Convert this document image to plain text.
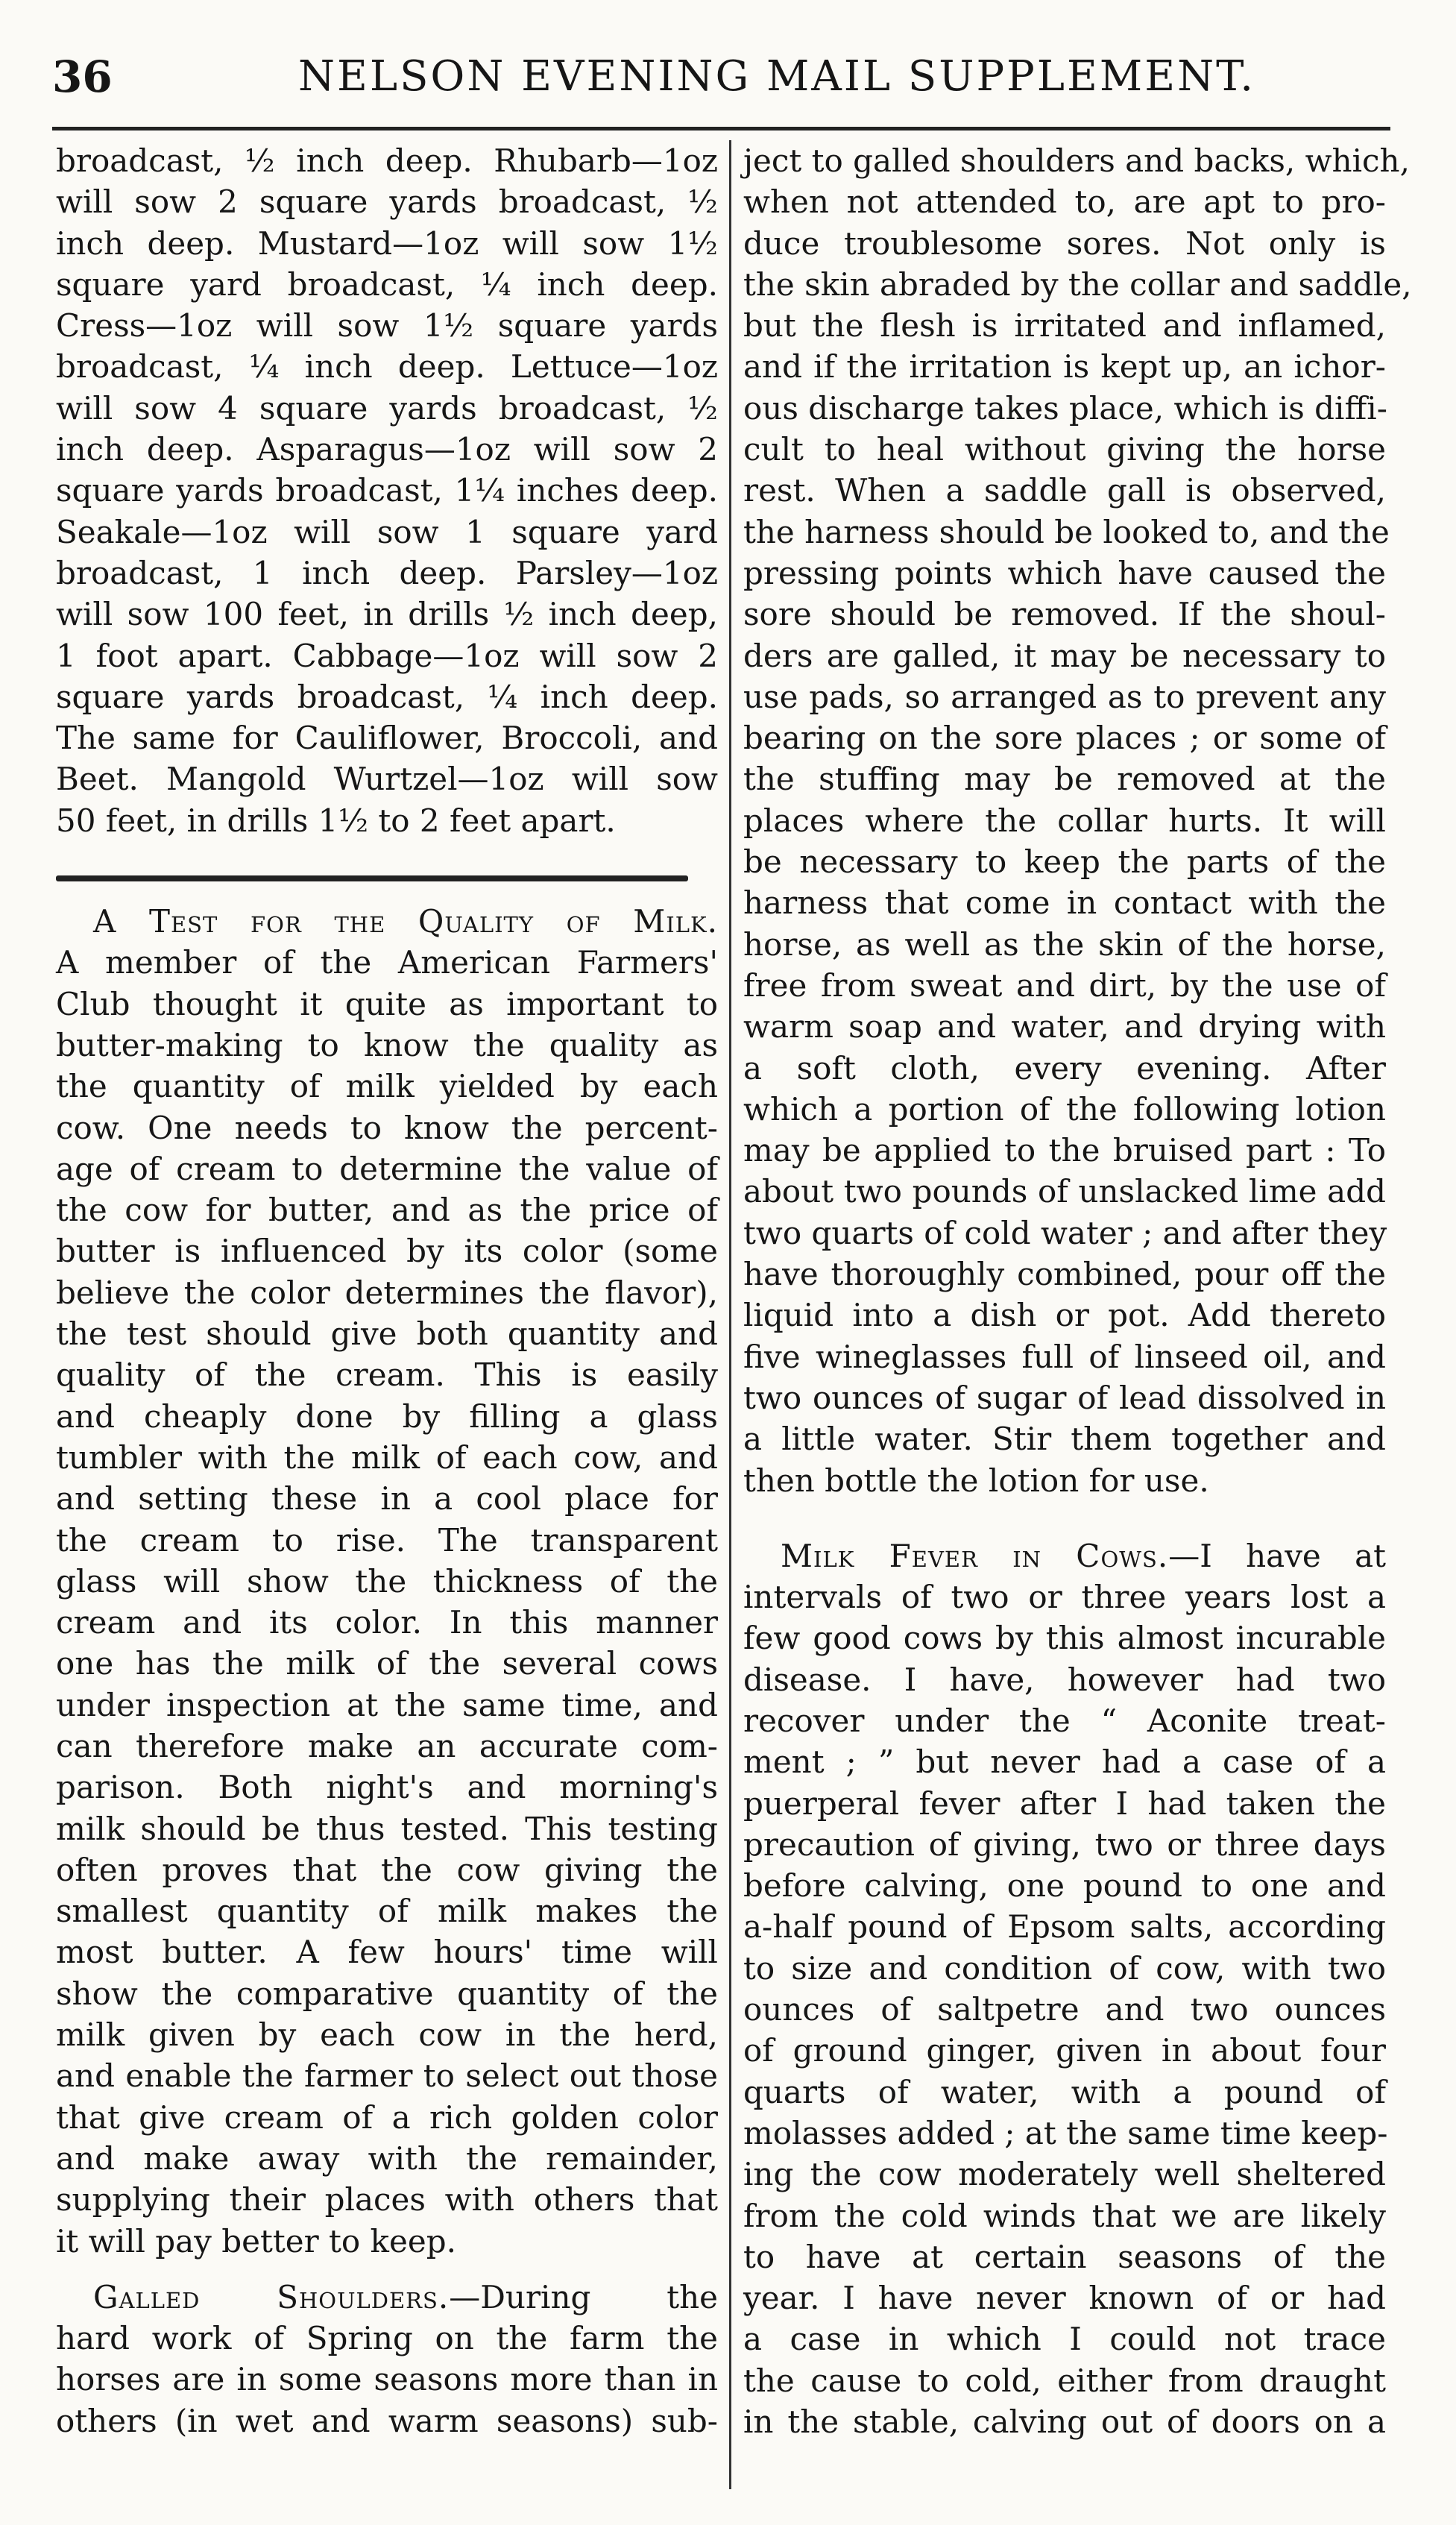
36	NELSON EVENING MAIL SUPPLEMENT.
broadcast, ½ inch deep. Rhubarb—1oz
will sow 2 square yards broadcast, ½
inch deep. Mustard—1oz will sow 1½
square yard broadcast, ¼ inch deep.
Cress—1oz will sow 1½ square yards
broadcast, ¼ inch deep. Lettuce—1oz
will sow 4 square yards broadcast, ½
inch deep. Asparagus—1oz will sow 2
square yards broadcast, 1¼ inches deep.
Seakale—1oz will sow 1 square yard
broadcast, 1 inch deep. Parsley—1oz
will sow 100 feet, in drills ½ inch deep,
1 foot apart. Cabbage—1oz will sow 2
square yards broadcast, ¼ inch deep.
The same for Cauliflower, Broccoli, and
Beet. Mangold Wurtzel—1oz will sow
50 feet, in drills 1½ to 2 feet apart.
A Test for the Quality of Milk.
A member of the American Farmers'
Club thought it quite as important to
butter-making to know the quality as
the quantity of milk yielded by each
cow. One needs to know the percent-
age of cream to determine the value of
the cow for butter, and as the price of
butter is influenced by its color (some
believe the color determines the flavor),
the test should give both quantity and
quality of the cream. This is easily
and cheaply done by filling a glass
tumbler with the milk of each cow, and
and setting these in a cool place for
the cream to rise. The transparent
glass will show the thickness of the
cream and its color. In this manner
one has the milk of the several cows
under inspection at the same time, and
can therefore make an accurate com-
parison. Both night's and morning's
milk should be thus tested. This testing
often proves that the cow giving the
smallest quantity of milk makes the
most butter. A few hours' time will
show the comparative quantity of the
milk given by each cow in the herd,
and enable the farmer to select out those
that give cream of a rich golden color
and make away with the remainder,
supplying their places with others that
it will pay better to keep.
Galled Shoulders.—During the
hard work of Spring on the farm the
horses are in some seasons more than in
others (in wet and warm seasons) sub-
ject to galled shoulders and backs, which,
when not attended to, are apt to pro-
duce troublesome sores. Not only is
the skin abraded by the collar and saddle,
but the flesh is irritated and inflamed,
and if the irritation is kept up, an ichor-
ous discharge takes place, which is diffi-
cult to heal without giving the horse
rest. When a saddle gall is observed,
the harness should be looked to, and the
pressing points which have caused the
sore should be removed. If the shoul-
ders are galled, it may be necessary to
use pads, so arranged as to prevent any
bearing on the sore places ; or some of
the stuffing may be removed at the
places where the collar hurts. It will
be necessary to keep the parts of the
harness that come in contact with the
horse, as well as the skin of the horse,
free from sweat and dirt, by the use of
warm soap and water, and drying with
a soft cloth, every evening. After
which a portion of the following lotion
may be applied to the bruised part : To
about two pounds of unslacked lime add
two quarts of cold water ; and after they
have thoroughly combined, pour off the
liquid into a dish or pot. Add thereto
five wineglasses full of linseed oil, and
two ounces of sugar of lead dissolved in
a little water. Stir them together and
then bottle the lotion for use.
Milk Fever in Cows.—I have at
intervals of two or three years lost a
few good cows by this almost incurable
disease. I have, however had two
recover under the “ Aconite treat-
ment ; ” but never had a case of a
puerperal fever after I had taken the
precaution of giving, two or three days
before calving, one pound to one and
a-half pound of Epsom salts, according
to size and condition of cow, with two
ounces of saltpetre and two ounces
of ground ginger, given in about four
quarts of water, with a pound of
molasses added ; at the same time keep-
ing the cow moderately well sheltered
from the cold winds that we are likely
to have at certain seasons of the
year. I have never known of or had
a case in which I could not trace
the cause to cold, either from draught
in the stable, calving out of doors on a
